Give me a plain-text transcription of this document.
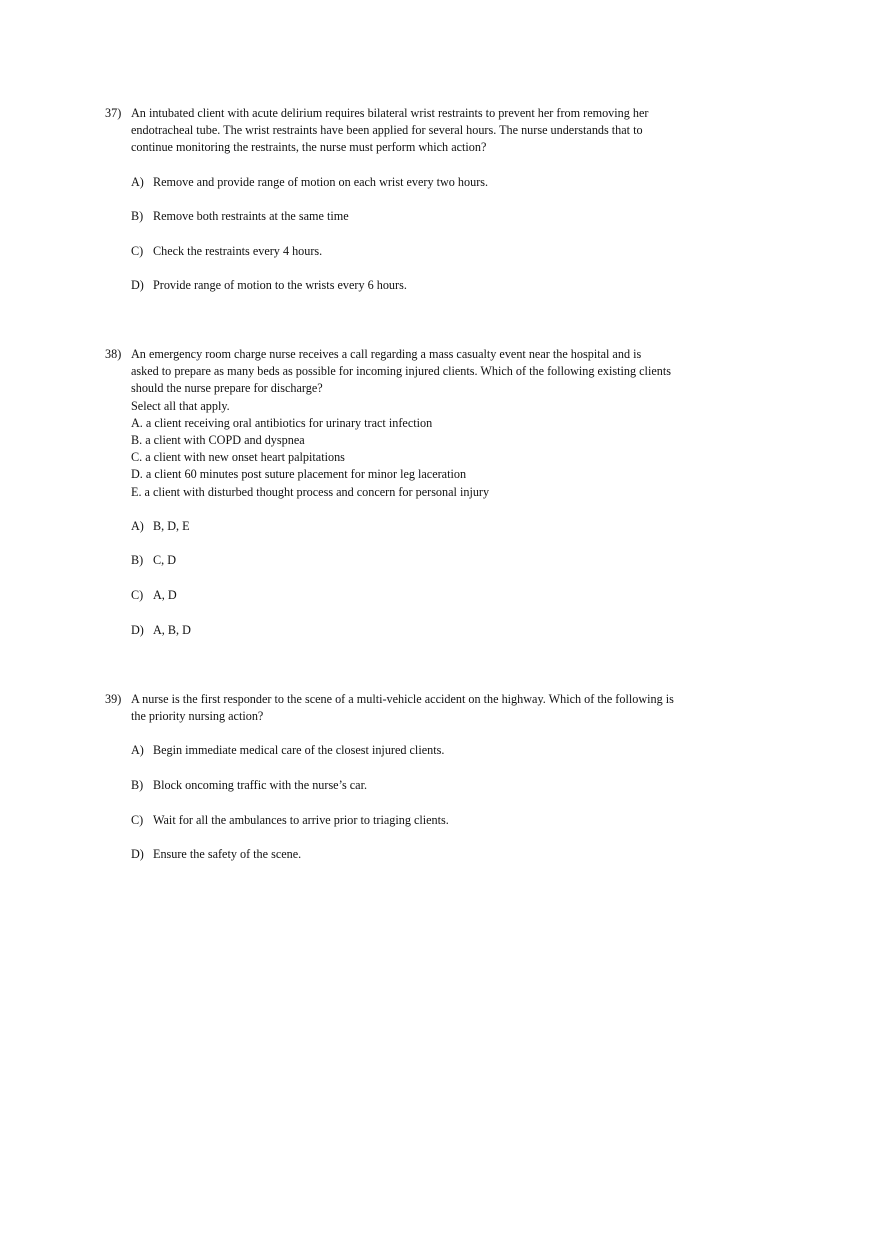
37) An intubated client with acute delirium requires bilateral wrist restraints to prevent her from removing her
endotracheal tube. The wrist restraints have been applied for several hours. The nurse understands that to
continue monitoring the restraints, the nurse must perform which action?
A) Remove and provide range of motion on each wrist every two hours.
B) Remove both restraints at the same time
C) Check the restraints every 4 hours.
D) Provide range of motion to the wrists every 6 hours.
38) An emergency room charge nurse receives a call regarding a mass casualty event near the hospital and is
asked to prepare as many beds as possible for incoming injured clients. Which of the following existing clients
should the nurse prepare for discharge?
Select all that apply.
A. a client receiving oral antibiotics for urinary tract infection
B. a client with COPD and dyspnea
C. a client with new onset heart palpitations
D. a client 60 minutes post suture placement for minor leg laceration
E. a client with disturbed thought process and concern for personal injury
A) B, D, E
B) C, D
C) A, D
D) A, B, D
39) A nurse is the first responder to the scene of a multi-vehicle accident on the highway. Which of the following is
the priority nursing action?
A) Begin immediate medical care of the closest injured clients.
B) Block oncoming traffic with the nurse’s car.
C) Wait for all the ambulances to arrive prior to triaging clients.
D) Ensure the safety of the scene.
